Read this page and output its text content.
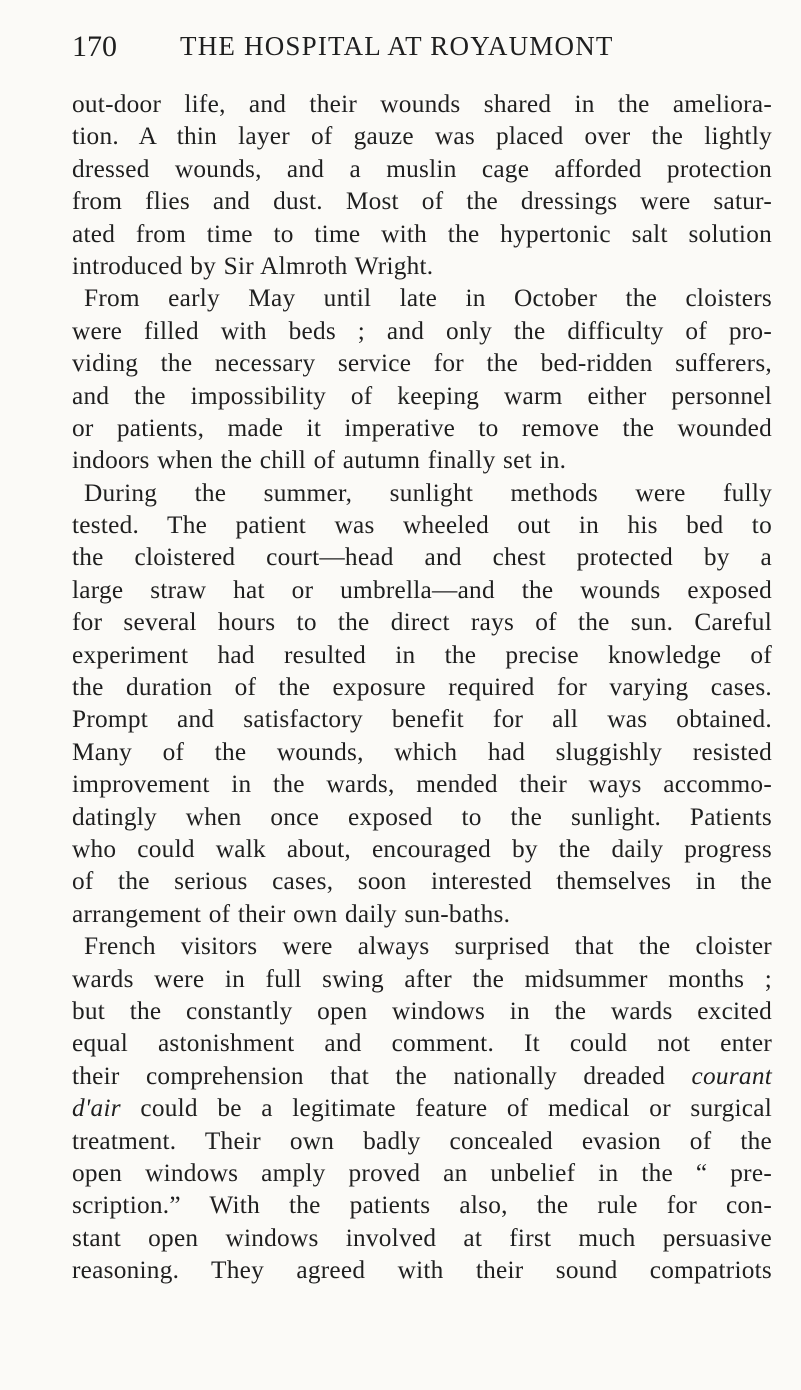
170 THE HOSPITAL AT ROYAUMONT
out-door life, and their wounds shared in the ameliora-
tion. A thin layer of gauze was placed over the lightly
dressed wounds, and a muslin cage afforded protection
from flies and dust. Most of the dressings were satur-
ated from time to time with the hypertonic salt solution
introduced by Sir Almroth Wright.
From early May until late in October the cloisters
were filled with beds ; and only the difficulty of pro-
viding the necessary service for the bed-ridden sufferers,
and the impossibility of keeping warm either personnel
or patients, made it imperative to remove the wounded
indoors when the chill of autumn finally set in.
During the summer, sunlight methods were fully
tested. The patient was wheeled out in his bed to
the cloistered court—head and chest protected by a
large straw hat or umbrella—and the wounds exposed
for several hours to the direct rays of the sun. Careful
experiment had resulted in the precise knowledge of
the duration of the exposure required for varying cases.
Prompt and satisfactory benefit for all was obtained.
Many of the wounds, which had sluggishly resisted
improvement in the wards, mended their ways accommo-
datingly when once exposed to the sunlight. Patients
who could walk about, encouraged by the daily progress
of the serious cases, soon interested themselves in the
arrangement of their own daily sun-baths.
French visitors were always surprised that the cloister
wards were in full swing after the midsummer months ;
but the constantly open windows in the wards excited
equal astonishment and comment. It could not enter
their comprehension that the nationally dreaded courant
d'air could be a legitimate feature of medical or surgical
treatment. Their own badly concealed evasion of the
open windows amply proved an unbelief in the “ pre-
scription.” With the patients also, the rule for con-
stant open windows involved at first much persuasive
reasoning. They agreed with their sound compatriots
